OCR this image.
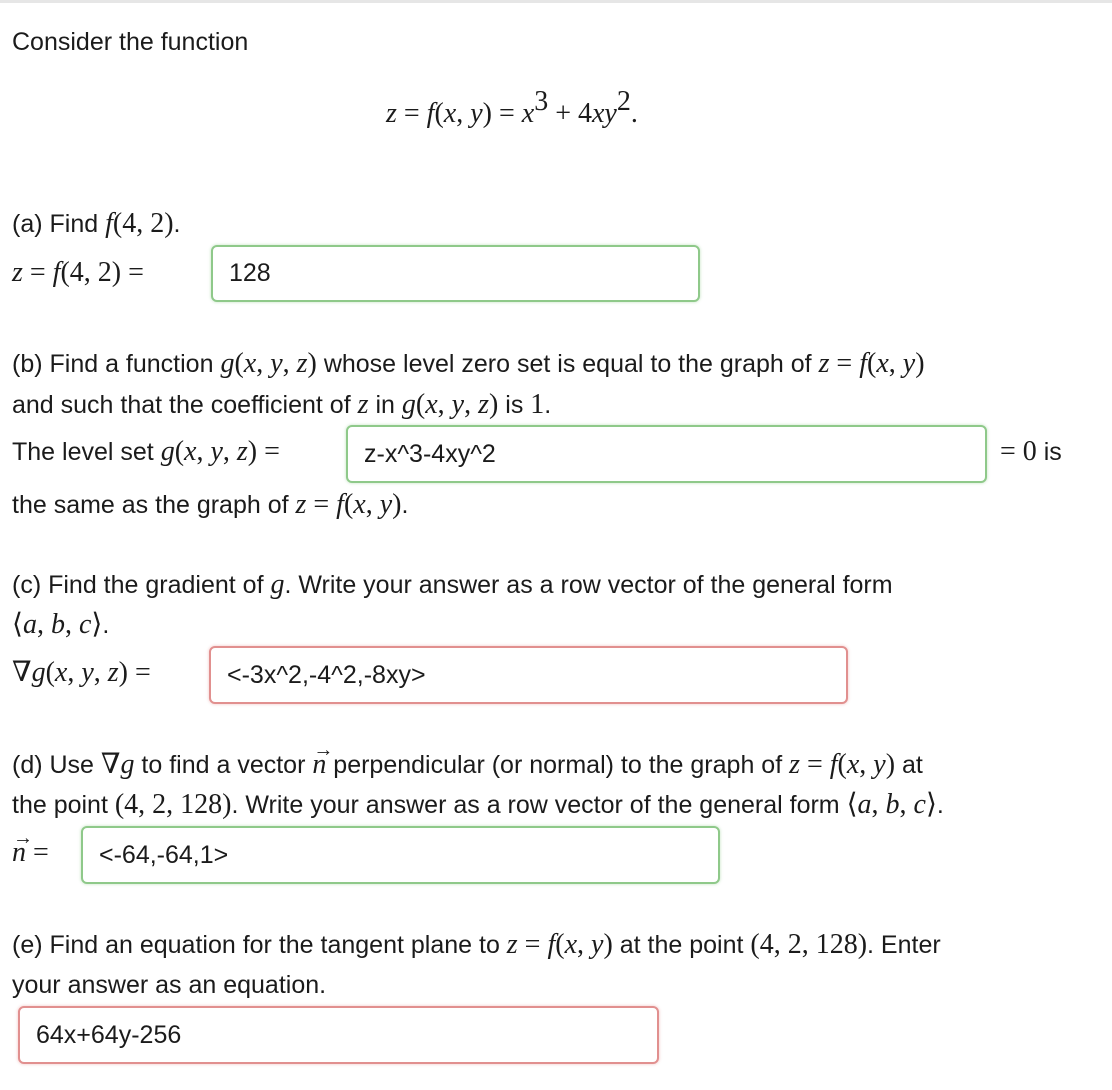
Consider the function
z = f(x, $y) = x^3 + 4xy^2$.
(a) Find f(4, 2).
z = f(4, 2) =	128
(b) Find a function g(x, y, z) whose level zero set is equal to the graph of z = f(x, y)
and such that the coefficient of z in g(x, y, z) is 1.
The level set g(x, y, z) =	z-x^3-4xy^2	= 0 is
the same as the graph of z = f(x, y).
(c) Find the gradient of g. Write your answer as a row vector of the general form
⟨a, b, c⟩.
∇g(x, y, z) =	<-3x^2,-4^2,-8xy>
(d) Use ∇g to find a vector → n perpendicular (or normal) to the graph of z = f(x, y) at
the point (4, 2, 128). Write your answer as a row vector of the general form ⟨a, b, c⟩.
→ n =	<-64,-64,1>
(e) Find an equation for the tangent plane to z = f(x, y) at the point (4, 2, 128). Enter
your answer as an equation.
64x+64y-256
